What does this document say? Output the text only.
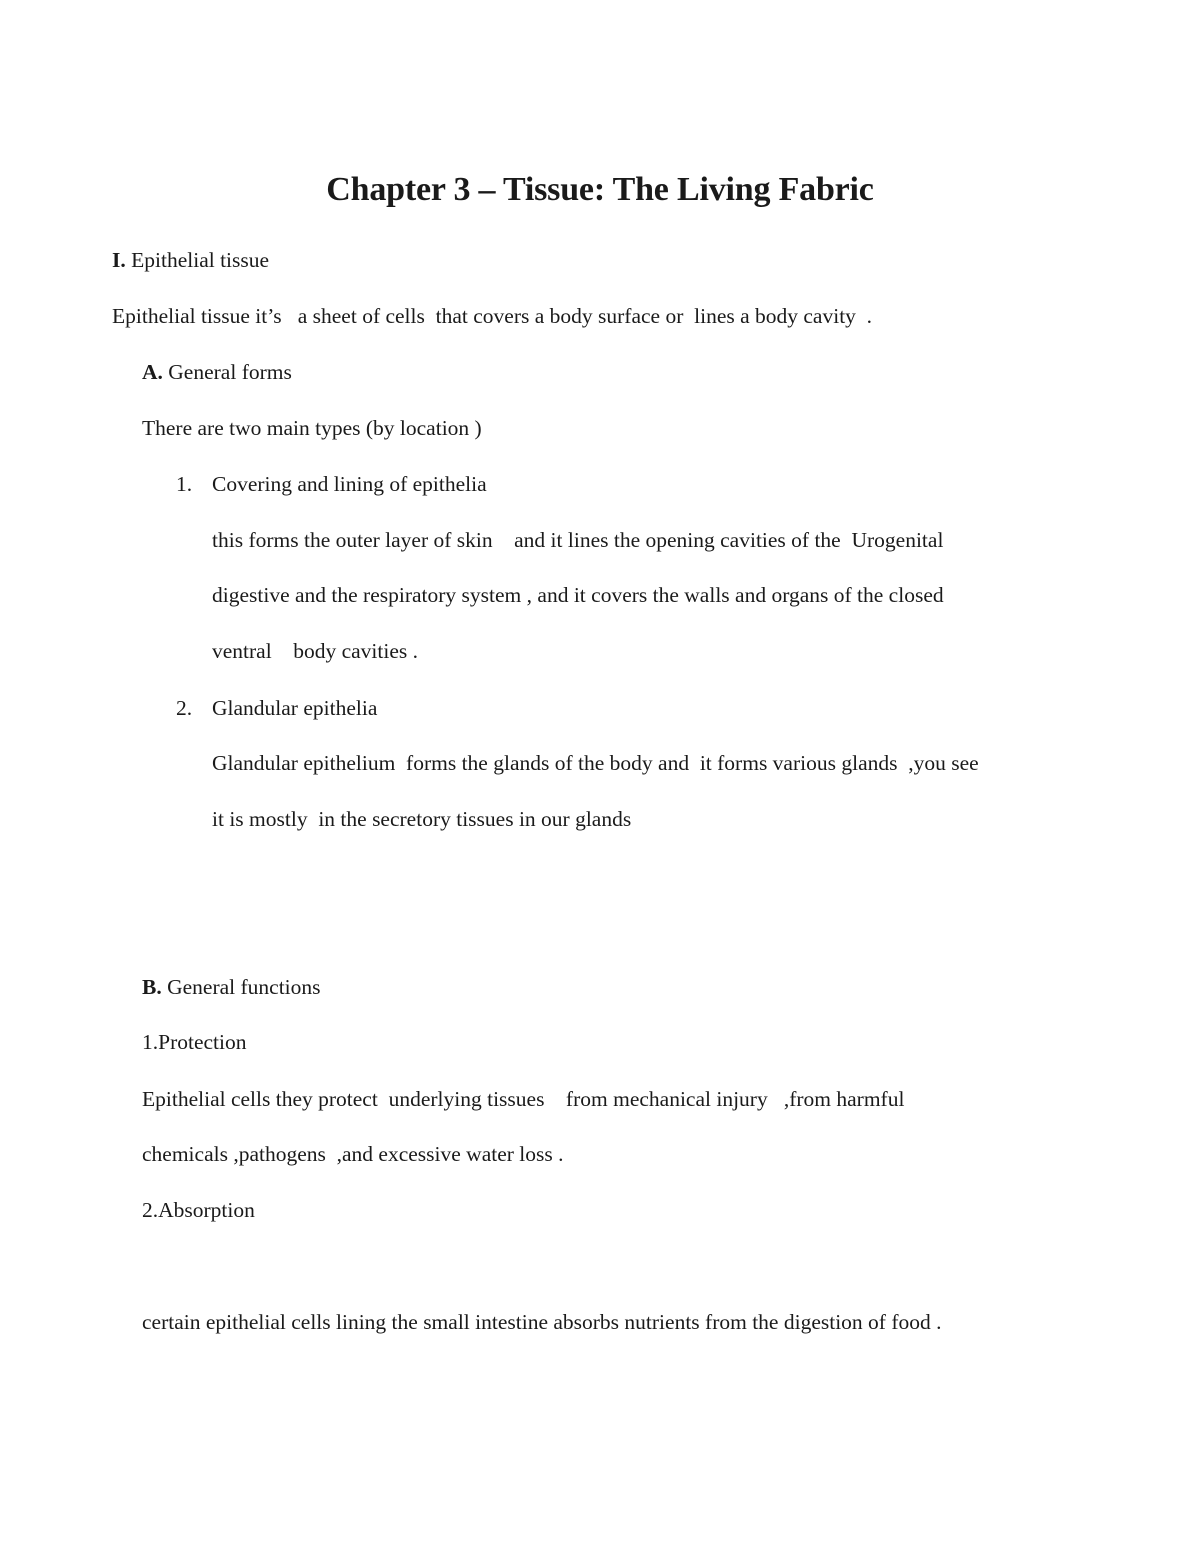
Chapter 3 – Tissue: The Living Fabric
I. Epithelial tissue
Epithelial tissue it’s   a sheet of cells  that covers a body surface or  lines a body cavity  .
A. General forms
There are two main types (by location )
1. Covering and lining of epithelia
this forms the outer layer of skin    and it lines the opening cavities of the  Urogenital
digestive and the respiratory system , and it covers the walls and organs of the closed
ventral    body cavities .
2. Glandular epithelia
Glandular epithelium  forms the glands of the body and  it forms various glands  ,you see
it is mostly  in the secretory tissues in our glands
B. General functions
1.Protection
Epithelial cells they protect  underlying tissues    from mechanical injury   ,from harmful
chemicals ,pathogens  ,and excessive water loss .
2.Absorption
certain epithelial cells lining the small intestine absorbs nutrients from the digestion of food .
